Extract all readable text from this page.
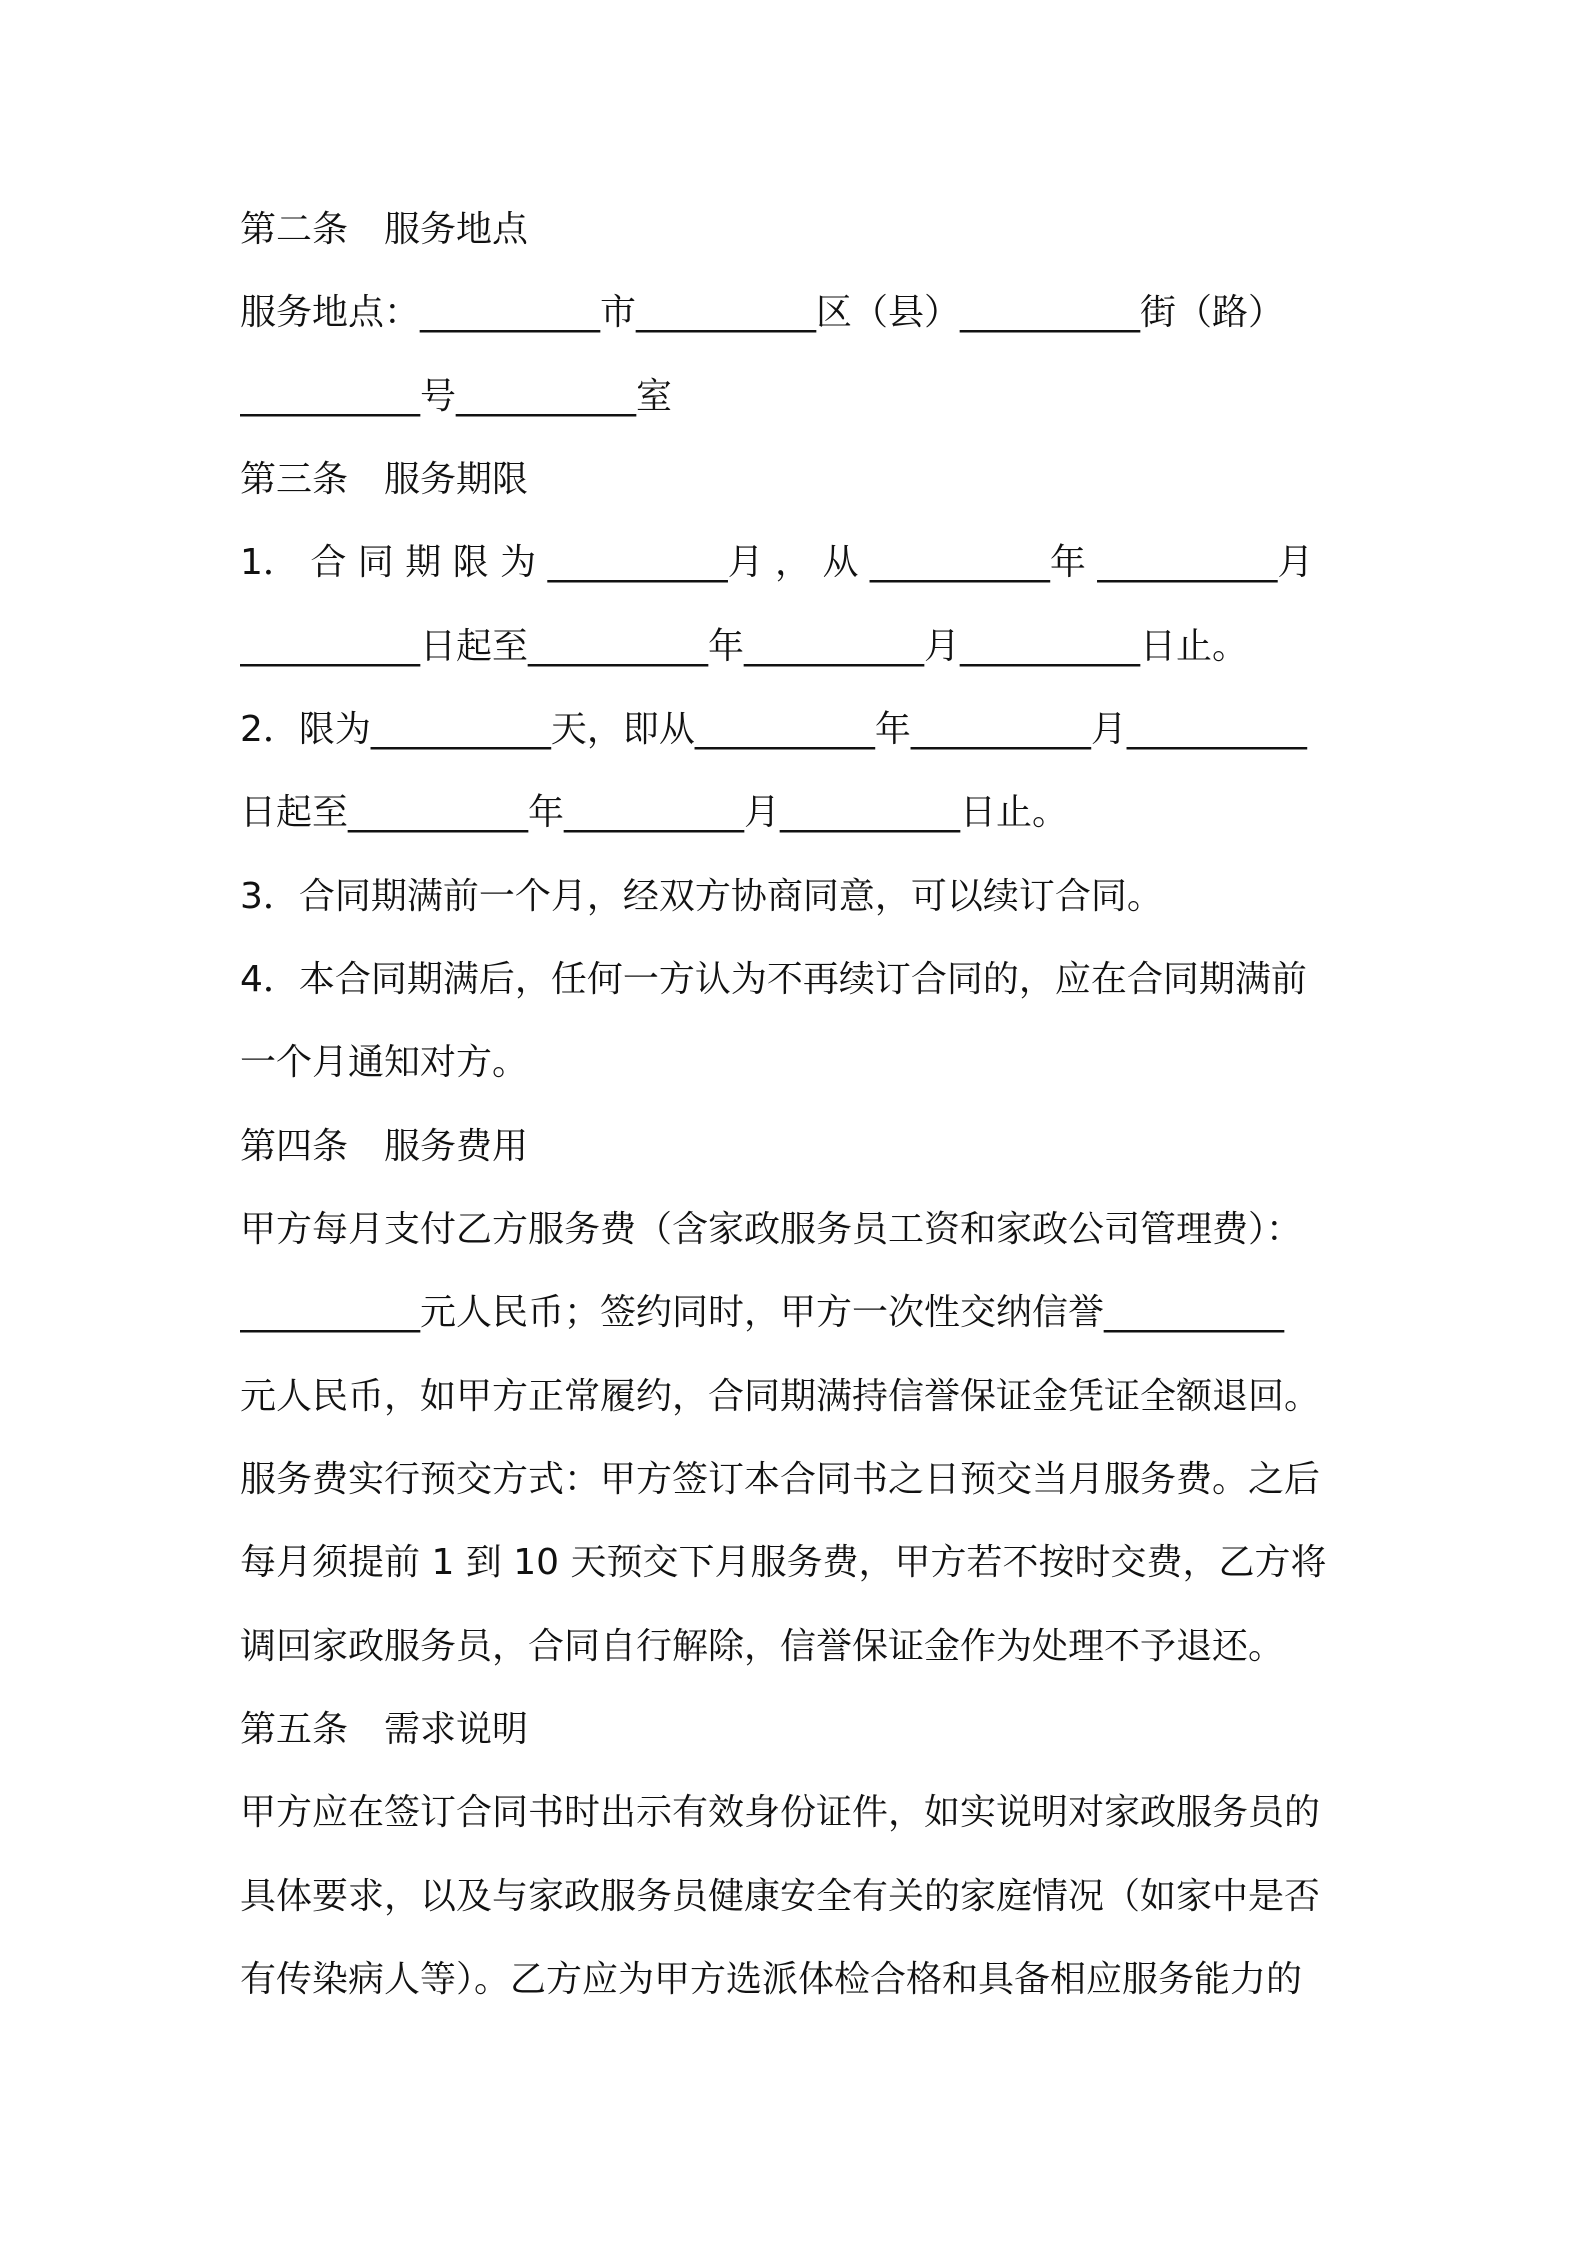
第二条 服务地点
服务地点：__________市__________区（县）__________街（路）
__________号__________室
第三条 服务期限
1． 合 同 期 限 为 __________月 ， 从 __________年 __________月
__________日起至__________年__________月__________日止。
2．限为__________天，即从__________年__________月__________
日起至__________年__________月__________日止。
3．合同期满前一个月，经双方协商同意，可以续订合同。
4．本合同期满后，任何一方认为不再续订合同的，应在合同期满前
一个月通知对方。
第四条 服务费用
甲方每月支付乙方服务费（含家政服务员工资和家政公司管理费）：
__________元人民币；签约同时，甲方一次性交纳信誉__________
元人民币，如甲方正常履约，合同期满持信誉保证金凭证全额退回。
服务费实行预交方式：甲方签订本合同书之日预交当月服务费。之后
每月须提前 1 到 10 天预交下月服务费，甲方若不按时交费，乙方将
调回家政服务员，合同自行解除，信誉保证金作为处理不予退还。
第五条 需求说明
甲方应在签订合同书时出示有效身份证件，如实说明对家政服务员的
具体要求，以及与家政服务员健康安全有关的家庭情况（如家中是否
有传染病人等）。乙方应为甲方选派体检合格和具备相应服务能力的
